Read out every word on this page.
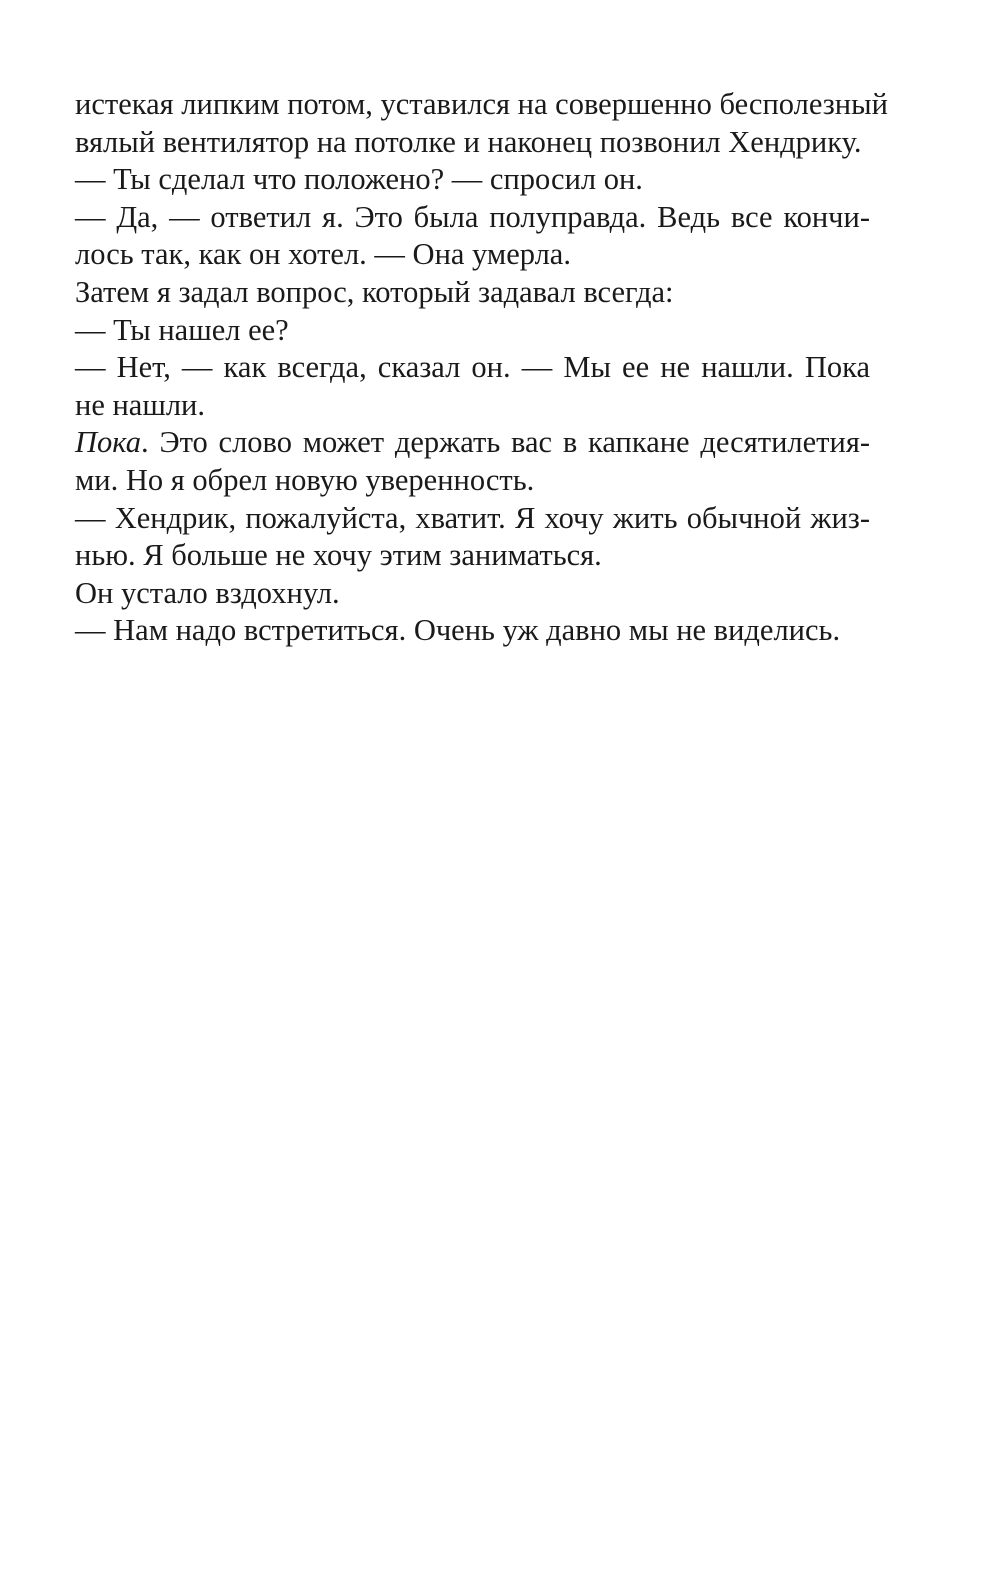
истекая липким потом, уставился на совершенно бесполезный
вялый вентилятор на потолке и наконец позвонил Хендрику.

— Ты сделал что положено? — спросил он.

— Да, — ответил я. Это была полуправда. Ведь все кончи-
лось так, как он хотел. — Она умерла.

Затем я задал вопрос, который задавал всегда:

— Ты нашел ее?

— Нет, — как всегда, сказал он. — Мы ее не нашли. Пока
не нашли.

Пока. Это слово может держать вас в капкане десятилетия-
ми. Но я обрел новую уверенность.

— Хендрик, пожалуйста, хватит. Я хочу жить обычной жиз-
нью. Я больше не хочу этим заниматься.

Он устало вздохнул.

— Нам надо встретиться. Очень уж давно мы не виделись.
